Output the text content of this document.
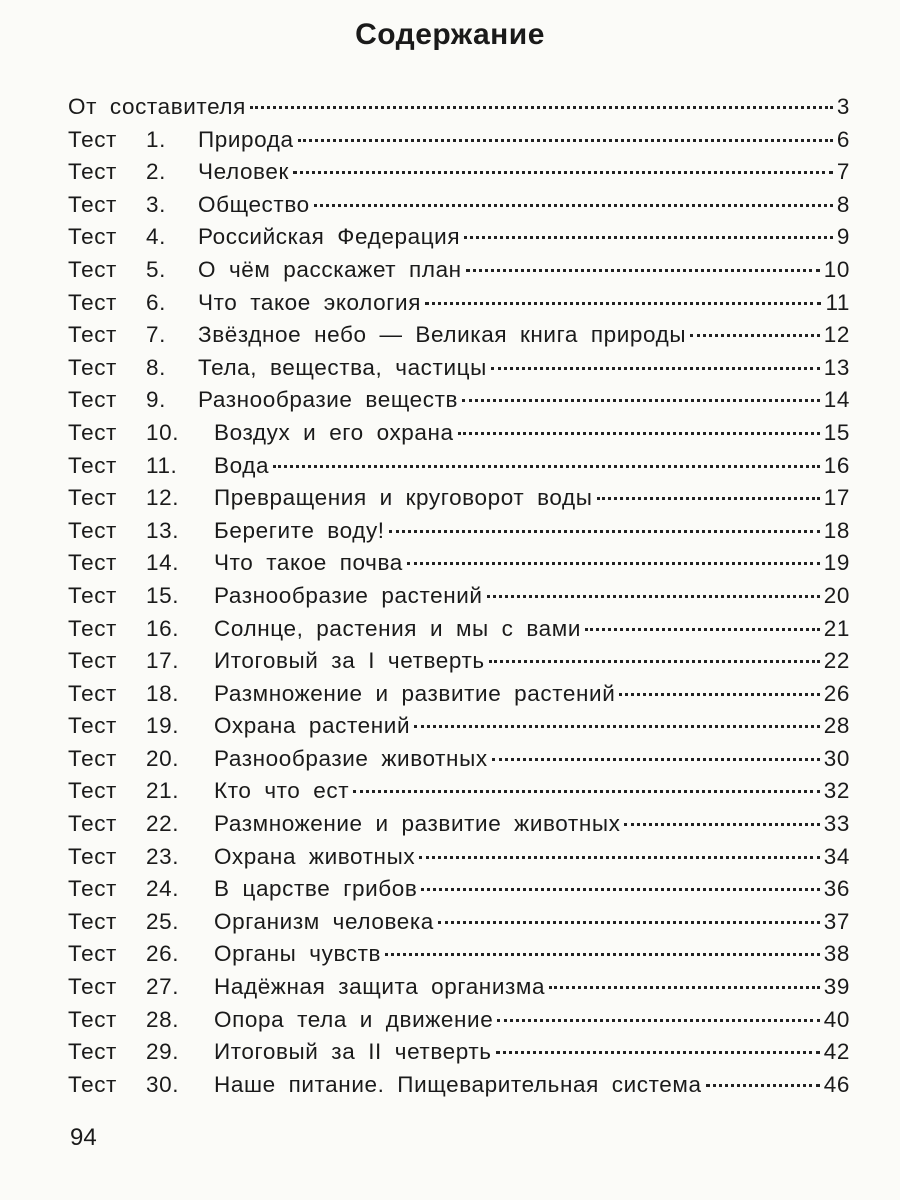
Содержание
От составителя	3
Тест	1.	Природа	6
Тест	2.	Человек	7
Тест	3.	Общество	8
Тест	4.	Российская Федерация	9
Тест	5.	О чём расскажет план	10
Тест	6.	Что такое экология	11
Тест	7.	Звёздное небо — Великая книга природы	12
Тест	8.	Тела, вещества, частицы	13
Тест	9.	Разнообразие веществ	14
Тест	10.	Воздух и его охрана	15
Тест	11.	Вода	16
Тест	12.	Превращения и круговорот воды	17
Тест	13.	Берегите воду!	18
Тест	14.	Что такое почва	19
Тест	15.	Разнообразие растений	20
Тест	16.	Солнце, растения и мы с вами	21
Тест	17.	Итоговый за I четверть	22
Тест	18.	Размножение и развитие растений	26
Тест	19.	Охрана растений	28
Тест	20.	Разнообразие животных	30
Тест	21.	Кто что ест	32
Тест	22.	Размножение и развитие животных	33
Тест	23.	Охрана животных	34
Тест	24.	В царстве грибов	36
Тест	25.	Организм человека	37
Тест	26.	Органы чувств	38
Тест	27.	Надёжная защита организма	39
Тест	28.	Опора тела и движение	40
Тест	29.	Итоговый за II четверть	42
Тест	30.	Наше питание. Пищеварительная система	46
94
